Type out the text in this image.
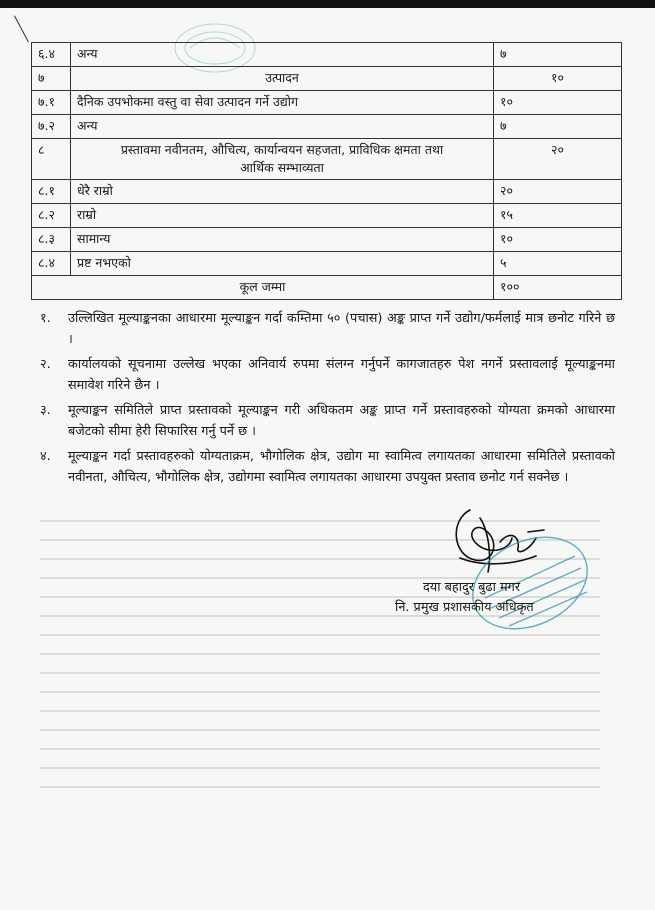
६.४	अन्य	७
७	उत्पादन	१०
७.१	दैनिक उपभोकमा वस्तु वा सेवा उत्पादन गर्ने उद्योग	१०
७.२	अन्य	७
८	प्रस्तावमा नवीनतम, औचित्य, कार्यान्वयन सहजता, प्राविधिक क्षमता तथा
आर्थिक सम्भाव्यता	२०
८.१	धेरै राम्रो	२०
८.२	राम्रो	१५
८.३	सामान्य	१०
८.४	प्रष्ट नभएको	५
कूल जम्मा		१००
१.	उल्लिखित मूल्याङ्कनका आधारमा मूल्याङ्कन गर्दा कम्तिमा ५० (पचास) अङ्क प्राप्त गर्ने उद्योग/फर्मलाई मात्र छनोट गरिने छ ।
२.	कार्यालयको सूचनामा उल्लेख भएका अनिवार्य रुपमा संलग्न गर्नुपर्ने कागजातहरु पेश नगर्ने प्रस्तावलाई मूल्याङ्कनमा समावेश गरिने छैन ।
३.	मूल्याङ्कन समितिले प्राप्त प्रस्तावको मूल्याङ्कन गरी अधिकतम अङ्क प्राप्त गर्ने प्रस्तावहरुको योग्यता क्रमको आधारमा बजेटको सीमा हेरी सिफारिस गर्नु पर्ने छ ।
४.	मूल्याङ्कन गर्दा प्रस्तावहरुको योग्यताक्रम, भौगोलिक क्षेत्र, उद्योग मा स्वामित्व लगायतका आधारमा समितिले प्रस्तावको नवीनता, औचित्य, भौगोलिक क्षेत्र, उद्योगमा स्वामित्व लगायतका आधारमा उपयुक्त प्रस्ताव छनोट गर्न सक्नेछ ।
दया बहादुर बुढा मगर
नि. प्रमुख प्रशासकीय अधिकृत
